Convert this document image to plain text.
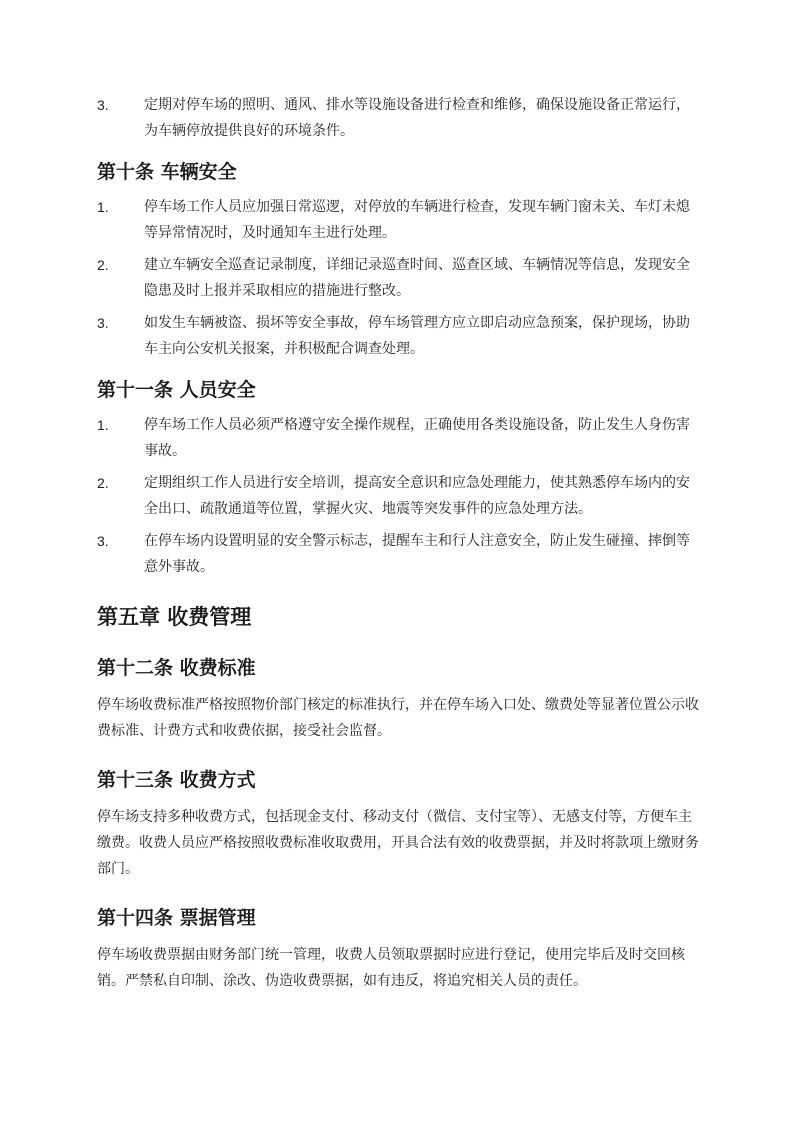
3.	定期对停车场的照明、通风、排水等设施设备进行检查和维修，确保设施设备正常运行，为车辆停放提供良好的环境条件。
第十条 车辆安全
1.	停车场工作人员应加强日常巡逻，对停放的车辆进行检查，发现车辆门窗未关、车灯未熄等异常情况时，及时通知车主进行处理。
2.	建立车辆安全巡查记录制度，详细记录巡查时间、巡查区域、车辆情况等信息，发现安全隐患及时上报并采取相应的措施进行整改。
3.	如发生车辆被盗、损坏等安全事故，停车场管理方应立即启动应急预案，保护现场，协助车主向公安机关报案，并积极配合调查处理。
第十一条 人员安全
1.	停车场工作人员必须严格遵守安全操作规程，正确使用各类设施设备，防止发生人身伤害事故。
2.	定期组织工作人员进行安全培训，提高安全意识和应急处理能力，使其熟悉停车场内的安全出口、疏散通道等位置，掌握火灾、地震等突发事件的应急处理方法。
3.	在停车场内设置明显的安全警示标志，提醒车主和行人注意安全，防止发生碰撞、摔倒等意外事故。
第五章 收费管理
第十二条 收费标准

停车场收费标准严格按照物价部门核定的标准执行，并在停车场入口处、缴费处等显著位置公示收费标准、计费方式和收费依据，接受社会监督。

第十三条 收费方式

停车场支持多种收费方式，包括现金支付、移动支付（微信、支付宝等）、无感支付等，方便车主缴费。收费人员应严格按照收费标准收取费用，开具合法有效的收费票据，并及时将款项上缴财务部门。

第十四条 票据管理

停车场收费票据由财务部门统一管理，收费人员领取票据时应进行登记，使用完毕后及时交回核销。严禁私自印制、涂改、伪造收费票据，如有违反，将追究相关人员的责任。
